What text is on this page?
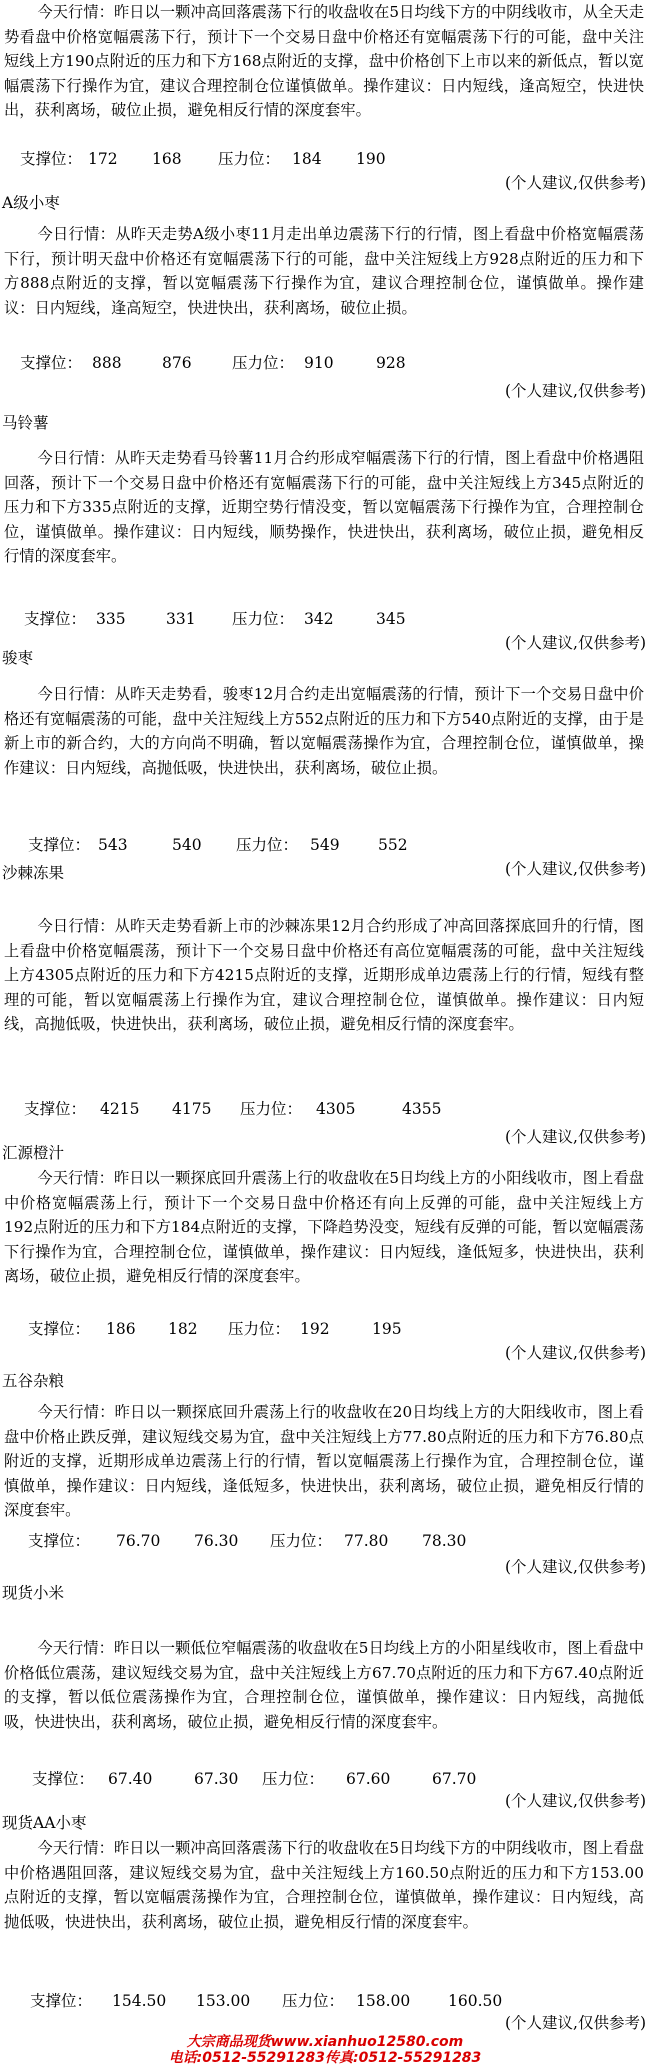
今天行情：昨日以一颗冲高回落震荡下行的收盘收在5日均线下方的中阴线收市，从全天走势看盘中价格宽幅震荡下行，预计下一个交易日盘中价格还有宽幅震荡下行的可能，盘中关注短线上方190点附近的压力和下方168点附近的支撑，盘中价格创下上市以来的新低点，暂以宽幅震荡下行操作为宜，建议合理控制仓位谨慎做单。操作建议：日内短线，逢高短空，快进快出，获利离场，破位止损，避免相反行情的深度套牢。
支撑位： 172 168 压力位： 184 190
(个人建议,仅供参考)
A级小枣
今日行情：从昨天走势A级小枣11月走出单边震荡下行的行情，图上看盘中价格宽幅震荡下行，预计明天盘中价格还有宽幅震荡下行的可能，盘中关注短线上方928点附近的压力和下方888点附近的支撑，暂以宽幅震荡下行操作为宜，建议合理控制仓位，谨慎做单。操作建议：日内短线，逢高短空，快进快出，获利离场，破位止损。
支撑位： 888	876	压力位： 910	928
(个人建议,仅供参考)
马铃薯
今日行情：从昨天走势看马铃薯11月合约形成窄幅震荡下行的行情，图上看盘中价格遇阻回落，预计下一个交易日盘中价格还有宽幅震荡下行的可能，盘中关注短线上方345点附近的压力和下方335点附近的支撑，近期空势行情没变，暂以宽幅震荡下行操作为宜，合理控制仓位，谨慎做单。操作建议：日内短线，顺势操作，快进快出，获利离场，破位止损，避免相反行情的深度套牢。
支撑位： 335	331 压力位： 342	345
(个人建议,仅供参考)
骏枣
今日行情：从昨天走势看，骏枣12月合约走出宽幅震荡的行情，预计下一个交易日盘中价格还有宽幅震荡的可能，盘中关注短线上方552点附近的压力和下方540点附近的支撑，由于是新上市的新合约，大的方向尚不明确，暂以宽幅震荡操作为宜，合理控制仓位，谨慎做单，操作建议：日内短线，高抛低吸，快进快出，获利离场，破位止损。
支撑位： 543	540 压力位： 549 552
(个人建议,仅供参考)
沙棘冻果
今日行情：从昨天走势看新上市的沙棘冻果12月合约形成了冲高回落探底回升的行情，图上看盘中价格宽幅震荡，预计下一个交易日盘中价格还有高位宽幅震荡的可能，盘中关注短线上方4305点附近的压力和下方4215点附近的支撑，近期形成单边震荡上行的行情，短线有整理的可能，暂以宽幅震荡上行操作为宜，建议合理控制仓位，谨慎做单。操作建议：日内短线，高抛低吸，快进快出，获利离场，破位止损，避免相反行情的深度套牢。
支撑位： 4215 4175 压力位： 4305	4355
(个人建议,仅供参考)
汇源橙汁
今天行情：昨日以一颗探底回升震荡上行的收盘收在5日均线上方的小阳线收市，图上看盘中价格宽幅震荡上行，预计下一个交易日盘中价格还有向上反弹的可能，盘中关注短线上方192点附近的压力和下方184点附近的支撑，下降趋势没变，短线有反弹的可能，暂以宽幅震荡下行操作为宜，合理控制仓位，谨慎做单，操作建议：日内短线，逢低短多，快进快出，获利离场，破位止损，避免相反行情的深度套牢。
支撑位： 186 182 压力位： 192	195
(个人建议,仅供参考)
五谷杂粮
今天行情：昨日以一颗探底回升震荡上行的收盘收在20日均线上方的大阳线收市，图上看盘中价格止跌反弹，建议短线交易为宜，盘中关注短线上方77.80点附近的压力和下方76.80点附近的支撑，近期形成单边震荡上行的行情，暂以宽幅震荡上行操作为宜，合理控制仓位，谨慎做单，操作建议：日内短线，逢低短多，快进快出，获利离场，破位止损，避免相反行情的深度套牢。
支撑位： 76.70 76.30 压力位： 77.80 78.30
(个人建议,仅供参考)
现货小米
今天行情：昨日以一颗低位窄幅震荡的收盘收在5日均线上方的小阳星线收市，图上看盘中价格低位震荡，建议短线交易为宜，盘中关注短线上方67.70点附近的压力和下方67.40点附近的支撑，暂以低位震荡操作为宜，合理控制仓位，谨慎做单，操作建议：日内短线，高抛低吸，快进快出，获利离场，破位止损，避免相反行情的深度套牢。
支撑位： 67.40	67.30 压力位： 67.60	67.70
(个人建议,仅供参考)
现货AA小枣
今天行情：昨日以一颗冲高回落震荡下行的收盘收在5日均线下方的中阴线收市，图上看盘中价格遇阻回落，建议短线交易为宜，盘中关注短线上方160.50点附近的压力和下方153.00点附近的支撑，暂以宽幅震荡操作为宜，合理控制仓位，谨慎做单，操作建议：日内短线，高抛低吸，快进快出，获利离场，破位止损，避免相反行情的深度套牢。
支撑位： 154.50 153.00 压力位： 158.00 160.50
(个人建议,仅供参考)
大宗商品现货www.xianhuo12580.com
电话:0512-55291283传真:0512-55291283
